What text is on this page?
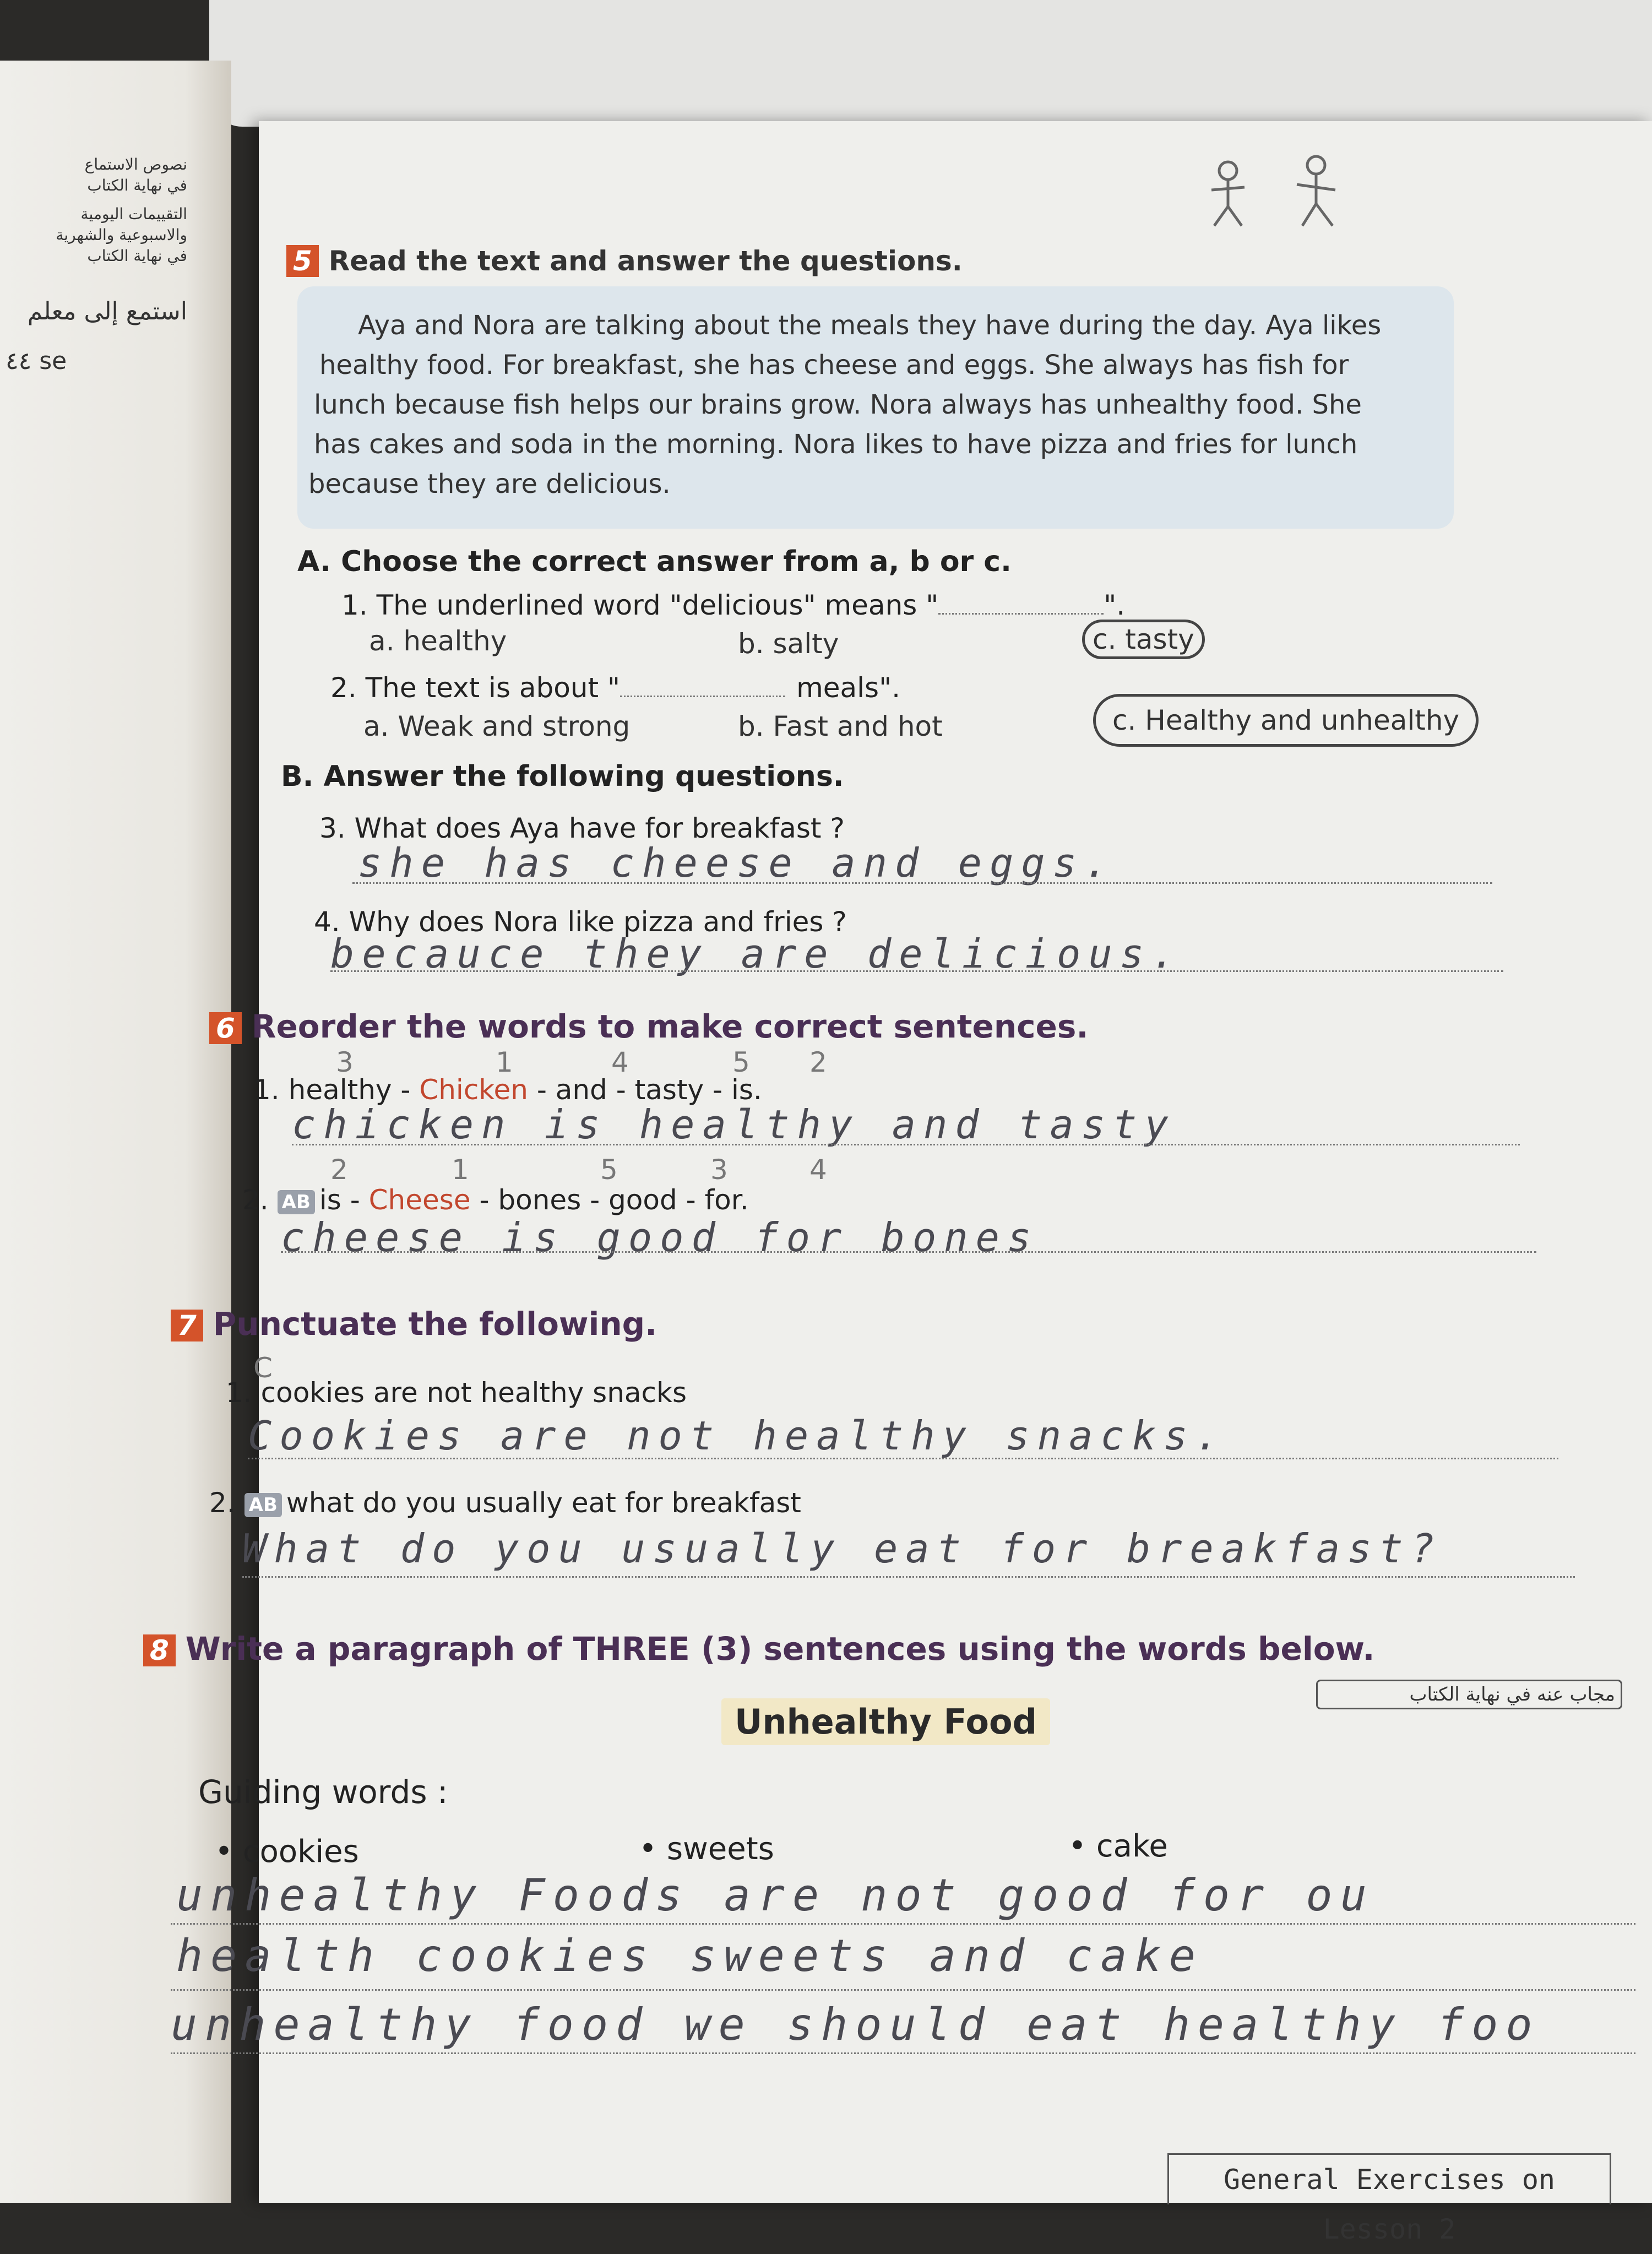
نصوص الاستماع
في نهاية الكتاب
التقييمات اليومية
والاسبوعية والشهرية
في نهاية الكتاب
استمع إلى معلم
٤٤ se
5 Read the text and answer the questions.
Aya and Nora are talking about the meals they have during the day. Aya likes
healthy food. For breakfast, she has cheese and eggs. She always has fish for
lunch because fish helps our brains grow. Nora always has unhealthy food. She
has cakes and soda in the morning. Nora likes to have pizza and fries for lunch
because they are delicious.
A. Choose the correct answer from a, b or c.
1. The underlined word "delicious" means "	".
a. healthy	b. salty	c. tasty
2. The text is about "	meals".
a. Weak and strong	b. Fast and hot	c. Healthy and unhealthy
B. Answer the following questions.
3. What does Aya have for breakfast ?
she has cheese and eggs.
4. Why does Nora like pizza and fries ?
becauce they are delicious.
6 Reorder the words to make correct sentences.
3	1	4	5 2
1. healthy - Chicken - and - tasty - is.
chicken is healthy and tasty
2	1	5	3	4
2. AB is - Cheese - bones - good - for.
cheese is good for bones
7 Punctuate the following.
C
1. cookies are not healthy snacks
Cookies are not healthy snacks.
2. AB what do you usually eat for breakfast
What do you usually eat for breakfast?
8 Write a paragraph of THREE (3) sentences using the words below.
مجاب عنه في نهاية الكتاب
Unhealthy Food
Guiding words :
• cookies	• sweets	• cake
unhealthy Foods are not good for ou
health cookies sweets and cake
unhealthy food we should eat healthy foo
General Exercises on Lesson 2
